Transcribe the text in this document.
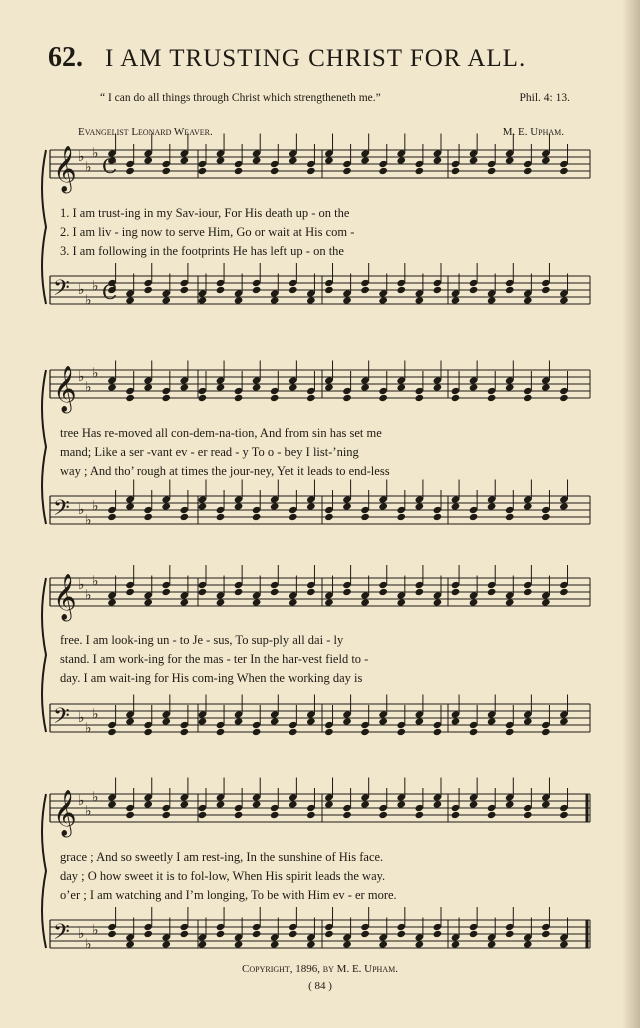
62. I AM TRUSTING CHRIST FOR ALL.
“ I can do all things through Christ which strengtheneth me.”	Phil. 4: 13.
Evangelist Leonard Weaver.	M. E. Upham.
𝄞 ♭
♭
♭
𝄢 ♭
♭
♭
C
C
1. I am trust-ing in my Sav-iour, For His death up - on the
2. I am liv - ing now to serve Him, Go or wait at His com -
3. I am following in the footprints He has left up - on the
𝄞 ♭
♭
♭
𝄢 ♭
♭
♭
tree Has re-moved all con-dem-na-tion, And from sin has set me
mand; Like a ser -vant ev - er read - y To o - bey I list-’ning
way ; And tho’ rough at times the jour-ney, Yet it leads to end-less
𝄞 ♭
♭
♭
𝄢 ♭
♭
♭
free. I am look-ing un - to Je - sus, To sup-ply all dai - ly
stand. I am work-ing for the mas - ter In the har-vest field to -
day. I am wait-ing for His com-ing When the working day is
𝄞 ♭
♭
♭
𝄢 ♭
♭
♭
grace ; And so sweetly I am rest-ing, In the sunshine of His face.
day ; O how sweet it is to fol-low, When His spirit leads the way.
o’er ; I am watching and I’m longing, To be with Him ev - er more.
Copyright, 1896, by M. E. Upham.
( 84 )
